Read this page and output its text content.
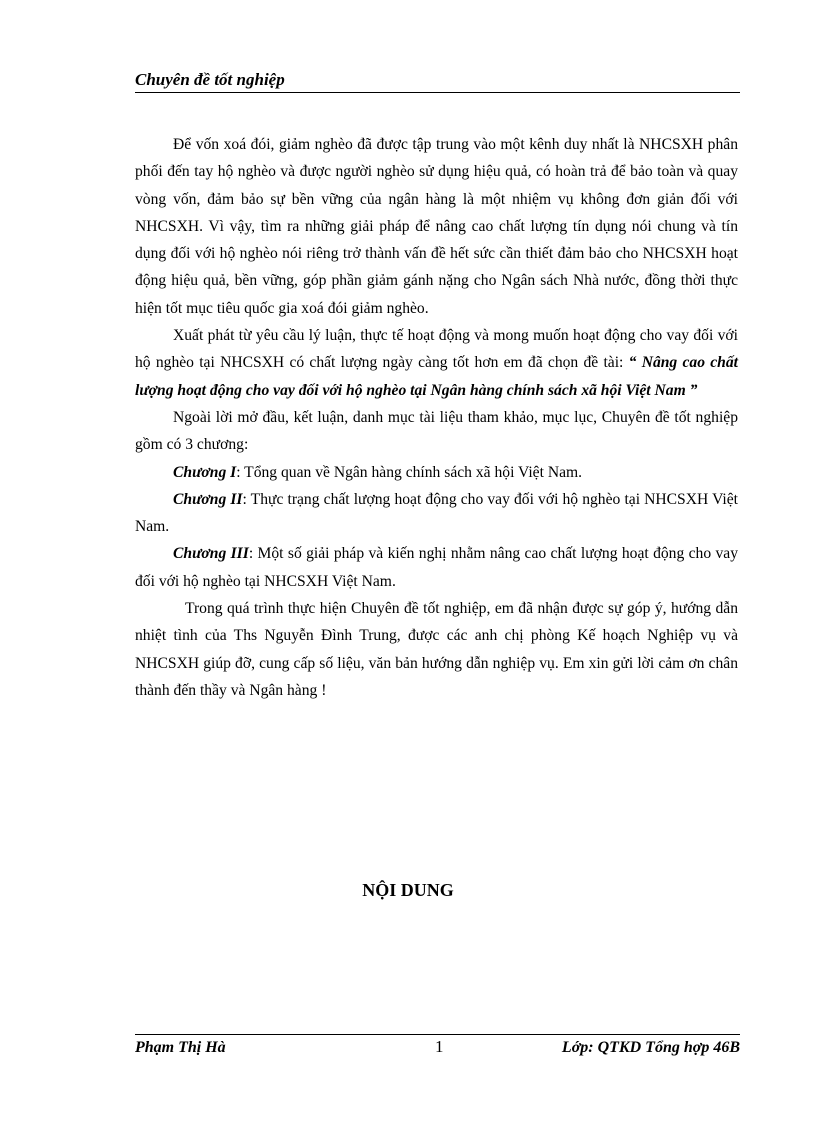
Chuyên đề tốt nghiệp

Để vốn xoá đói, giảm nghèo đã được tập trung vào một kênh duy nhất là NHCSXH phân phối đến tay hộ nghèo và được người nghèo sử dụng hiệu quả, có hoàn trả để bảo toàn và quay vòng vốn, đảm bảo sự bền vững của ngân hàng là một nhiệm vụ không đơn giản đối với NHCSXH. Vì vậy, tìm ra những giải pháp để nâng cao chất lượng tín dụng nói chung và tín dụng đối với hộ nghèo nói riêng trở thành vấn đề hết sức cần thiết đảm bảo cho NHCSXH hoạt động hiệu quả, bền vững, góp phần giảm gánh nặng cho Ngân sách Nhà nước, đồng thời thực hiện tốt mục tiêu quốc gia xoá đói giảm nghèo.

Xuất phát từ yêu cầu lý luận, thực tế hoạt động và mong muốn hoạt động cho vay đối với hộ nghèo tại NHCSXH có chất lượng ngày càng tốt hơn em đã chọn đề tài: “ Nâng cao chất lượng hoạt động cho vay đối với hộ nghèo tại Ngân hàng chính sách xã hội Việt Nam ”

Ngoài lời mở đầu, kết luận, danh mục tài liệu tham khảo, mục lục, Chuyên đề tốt nghiệp gồm có 3 chương:

Chương I: Tổng quan về Ngân hàng chính sách xã hội Việt Nam.

Chương II: Thực trạng chất lượng hoạt động cho vay đối với hộ nghèo tại NHCSXH Việt Nam.

Chương III: Một số giải pháp và kiến nghị nhằm nâng cao chất lượng hoạt động cho vay đối với hộ nghèo tại NHCSXH Việt Nam.

Trong quá trình thực hiện Chuyên đề tốt nghiệp, em đã nhận được sự góp ý, hướng dẫn nhiệt tình của Ths Nguyễn Đình Trung, được các anh chị phòng Kế hoạch Nghiệp vụ và NHCSXH giúp đỡ, cung cấp số liệu, văn bản hướng dẫn nghiệp vụ. Em xin gửi lời cảm ơn chân thành đến thầy và Ngân hàng !

NỘI DUNG
Phạm Thị Hà	1	Lớp: QTKD Tổng hợp 46B
